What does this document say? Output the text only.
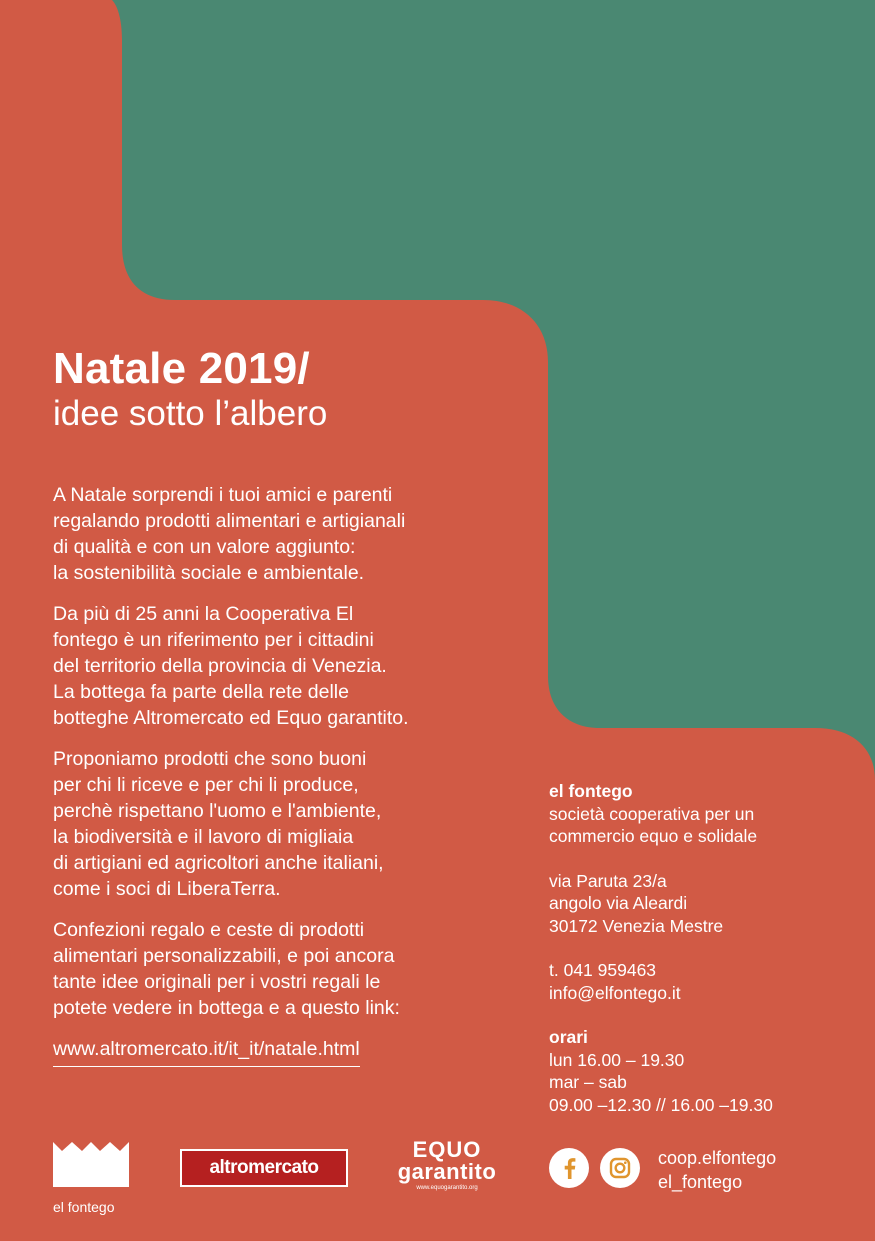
Natale 2019/
idee sotto l’albero

A Natale sorprendi i tuoi amici e parenti
regalando prodotti alimentari e artigianali
di qualità e con un valore aggiunto:
la sostenibilità sociale e ambientale.

Da più di 25 anni la Cooperativa El
fontego è un riferimento per i cittadini
del territorio della provincia di Venezia.
La bottega fa parte della rete delle
botteghe Altromercato ed Equo garantito.

Proponiamo prodotti che sono buoni
per chi li riceve e per chi li produce,
perchè rispettano l'uomo e l'ambiente,
la biodiversità e il lavoro di migliaia
di artigiani ed agricoltori anche italiani,
come i soci di LiberaTerra.

Confezioni regalo e ceste di prodotti
alimentari personalizzabili, e poi ancora
tante idee originali per i vostri regali le
potete vedere in bottega e a questo link:

www.altromercato.it/it_it/natale.html
el fontego
società cooperativa per un
commercio equo e solidale
via Paruta 23/a
angolo via Aleardi
30172 Venezia Mestre
t. 041 959463
info@elfontego.it
orari
lun 16.00 – 19.30
mar – sab
09.00 –12.30 // 16.00 –19.30
coop.elfontego
el_fontego
el fontego
altromercato
EQUO
garantito
www.equogarantito.org
